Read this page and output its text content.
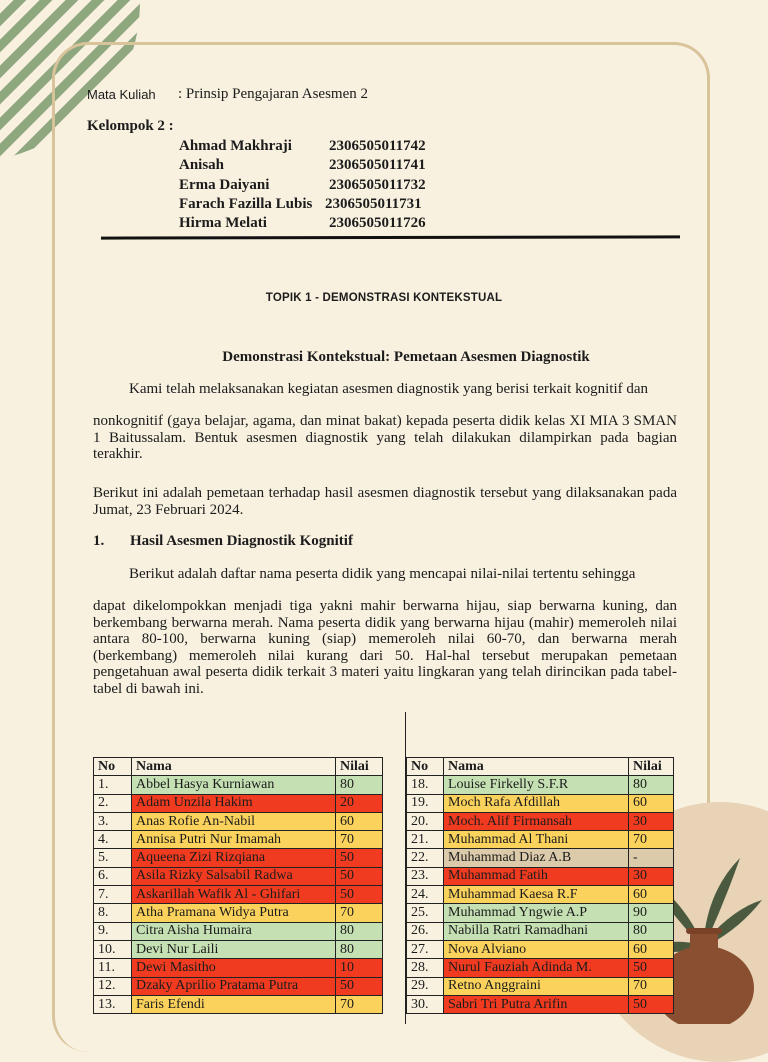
Mata Kuliah : Prinsip Pengajaran Asesmen 2
Kelompok 2 :
Ahmad Makhraji 2306505011742
Anisah	2306505011741
Erma Daiyani	2306505011732
Farach Fazilla Lubis 2306505011731
Hirma Melati	2306505011726
TOPIK 1 - DEMONSTRASI KONTEKSTUAL
Demonstrasi Kontekstual: Pemetaan Asesmen Diagnostik
Kami telah melaksanakan kegiatan asesmen diagnostik yang berisi terkait kognitif dan
nonkognitif (gaya belajar, agama, dan minat bakat) kepada peserta didik kelas XI MIA 3 SMAN 1 Baitussalam. Bentuk asesmen diagnostik yang telah dilakukan dilampirkan pada bagian terakhir.
Berikut ini adalah pemetaan terhadap hasil asesmen diagnostik tersebut yang dilaksanakan pada Jumat, 23 Februari 2024.
1. Hasil Asesmen Diagnostik Kognitif
Berikut adalah daftar nama peserta didik yang mencapai nilai-nilai tertentu sehingga
dapat dikelompokkan menjadi tiga yakni mahir berwarna hijau, siap berwarna kuning, dan berkembang berwarna merah. Nama peserta didik yang berwarna hijau (mahir) memeroleh nilai antara 80-100, berwarna kuning (siap) memeroleh nilai 60-70, dan berwarna merah (berkembang) memeroleh nilai kurang dari 50. Hal-hal tersebut merupakan pemetaan pengetahuan awal peserta didik terkait 3 materi yaitu lingkaran yang telah dirincikan pada tabel-tabel di bawah ini.
No	Nama	Nilai
1.	Abbel Hasya Kurniawan	80
2.	Adam Unzila Hakim	20
3.	Anas Rofie An-Nabil	60
4.	Annisa Putri Nur Imamah	70
5.	Aqueena Zizi Rizqiana	50
6.	Asila Rizky Salsabil Radwa	50
7.	Askarillah Wafik Al - Ghifari	50
8.	Atha Pramana Widya Putra	70
9.	Citra Aisha Humaira	80
10.	Devi Nur Laili	80
11.	Dewi Masitho	10
12.	Dzaky Aprilio Pratama Putra	50
13.	Faris Efendi	70
No	Nama	Nilai
18.	Louise Firkelly S.F.R	80
19.	Moch Rafa Afdillah	60
20.	Moch. Alif Firmansah	30
21.	Muhammad Al Thani	70
22.	Muhammad Diaz A.B	-
23.	Muhammad Fatih	30
24.	Muhammad Kaesa R.F	60
25.	Muhammad Yngwie A.P	90
26.	Nabilla Ratri Ramadhani	80
27.	Nova Alviano	60
28.	Nurul Fauziah Adinda M.	50
29.	Retno Anggraini	70
30.	Sabri Tri Putra Arifin	50
